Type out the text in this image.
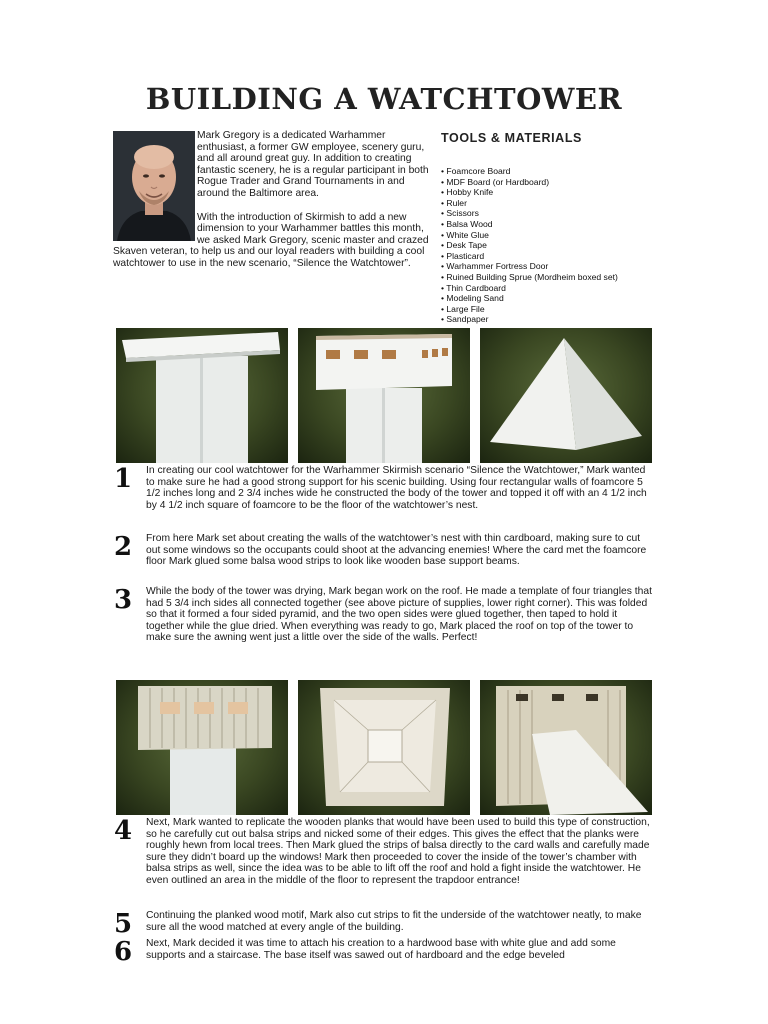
BUILDING A WATCHTOWER

Mark Gregory is a dedicated Warhammer enthusiast, a former GW employee, scenery guru, and all around great guy. In addition to creating fantastic scenery, he is a regular participant in both Rogue Trader and Grand Tournaments in and around the Baltimore area.

With the introduction of Skirmish to add a new dimension to your Warhammer battles this month, we asked Mark Gregory, scenic master and crazed Skaven veteran, to help us and our loyal readers with building a cool watchtower to use in the new scenario, “Silence the Watchtower”.

TOOLS & MATERIALS
• Foamcore Board
• MDF Board (or Hardboard)
• Hobby Knife
• Ruler
• Scissors
• Balsa Wood
• White Glue
• Desk Tape
• Plasticard
• Warhammer Fortress Door
• Ruined Building Sprue (Mordheim boxed set)
• Thin Cardboard
• Modeling Sand
• Large File
• Sandpaper
1 In creating our cool watchtower for the Warhammer Skirmish scenario “Silence the Watchtower,” Mark wanted to make sure he had a good strong support for his scenic building. Using four rectangular walls of foamcore 5 1/2 inches long and 2 3/4 inches wide he constructed the body of the tower and topped it off with an 4 1/2 inch by 4 1/2 inch square of foamcore to be the floor of the watchtower’s nest.
2 From here Mark set about creating the walls of the watchtower’s nest with thin cardboard, making sure to cut out some windows so the occupants could shoot at the advancing enemies! Where the card met the foamcore floor Mark glued some balsa wood strips to look like wooden base support beams.
3 While the body of the tower was drying, Mark began work on the roof. He made a template of four triangles that had 5 3/4 inch sides all connected together (see above picture of supplies, lower right corner). This was folded so that it formed a four sided pyramid, and the two open sides were glued together, then taped to hold it together while the glue dried. When everything was ready to go, Mark placed the roof on top of the tower to make sure the awning went just a little over the side of the walls. Perfect!
4 Next, Mark wanted to replicate the wooden planks that would have been used to build this type of construction, so he carefully cut out balsa strips and nicked some of their edges. This gives the effect that the planks were roughly hewn from local trees. Then Mark glued the strips of balsa directly to the card walls and carefully made sure they didn’t board up the windows! Mark then proceeded to cover the inside of the tower’s chamber with balsa strips as well, since the idea was to be able to lift off the roof and hold a fight inside the watchtower. He even outlined an area in the middle of the floor to represent the trapdoor entrance!
5 Continuing the planked wood motif, Mark also cut strips to fit the underside of the watchtower neatly, to make sure all the wood matched at every angle of the building.
6 Next, Mark decided it was time to attach his creation to a hardwood base with white glue and add some supports and a staircase. The base itself was sawed out of hardboard and the edge beveled
